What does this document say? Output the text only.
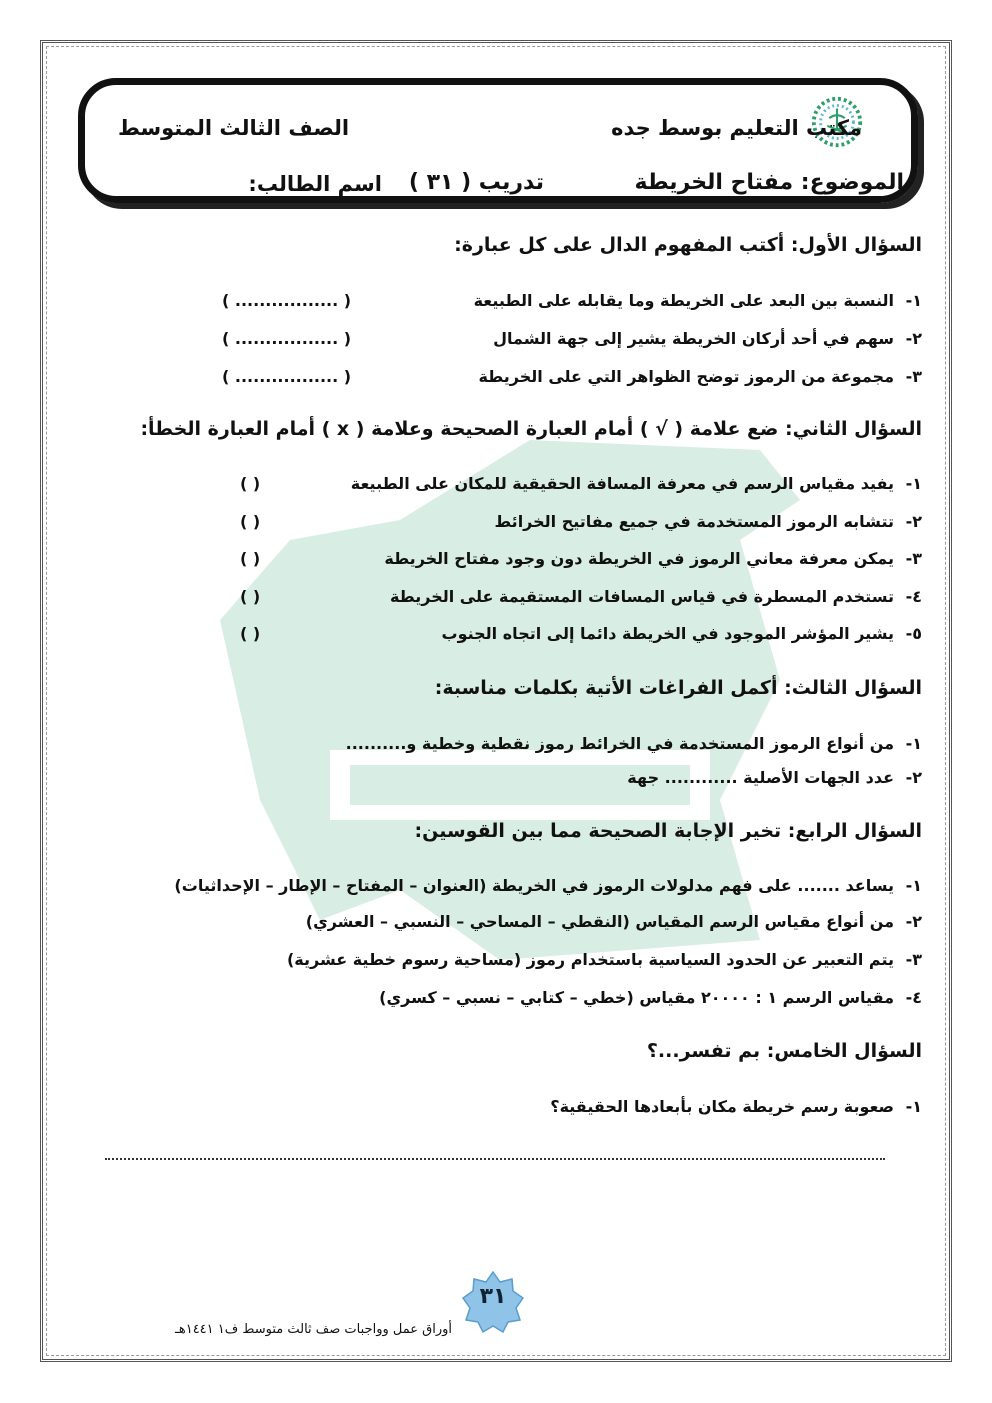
مكتب التعليم بوسط جده
الصف الثالث المتوسط
الموضوع: مفتاح الخريطة
تدريب ( ٣١ )
اسم الطالب:
السؤال الأول: أكتب المفهوم الدال على كل عبارة:
١-
النسبة بين البعد على الخريطة وما يقابله على الطبيعة
( ................. )
٢-
سهم في أحد أركان الخريطة يشير إلى جهة الشمال
( ................. )
٣-
مجموعة من الرموز توضح الظواهر التي على الخريطة
( ................. )
السؤال الثاني: ضع علامة ( √ ) أمام العبارة الصحيحة وعلامة ( x ) أمام العبارة الخطأ:
١-
يفيد مقياس الرسم في معرفة المسافة الحقيقية للمكان على الطبيعة
( )
٢-
تتشابه الرموز المستخدمة في جميع مفاتيح الخرائط
( )
٣-
يمكن معرفة معاني الرموز في الخريطة دون وجود مفتاح الخريطة
( )
٤-
تستخدم المسطرة في قياس المسافات المستقيمة على الخريطة
( )
٥-
يشير المؤشر الموجود في الخريطة دائما إلى اتجاه الجنوب
( )
السؤال الثالث: أكمل الفراغات الأتية بكلمات مناسبة:
١-
من أنواع الرموز المستخدمة في الخرائط رموز نقطية وخطية و..........
٢-
عدد الجهات الأصلية ............ جهة
السؤال الرابع: تخير الإجابة الصحيحة مما بين القوسين:
١-
يساعد ....... على فهم مدلولات الرموز في الخريطة (العنوان – المفتاح – الإطار – الإحداثيات)
٢-
من أنواع مقياس الرسم المقياس (النقطي – المساحي – النسبي – العشري)
٣-
يتم التعبير عن الحدود السياسية باستخدام رموز (مساحية رسوم خطية عشرية)
٤-
مقياس الرسم ١ : ٢٠٠٠٠ مقياس (خطي – كتابي – نسبي – كسري)
السؤال الخامس: بم تفسر...؟
١-
صعوبة رسم خريطة مكان بأبعادها الحقيقية؟
٣١
أوراق عمل وواجبات صف ثالث متوسط ف١ ١٤٤١هـ
